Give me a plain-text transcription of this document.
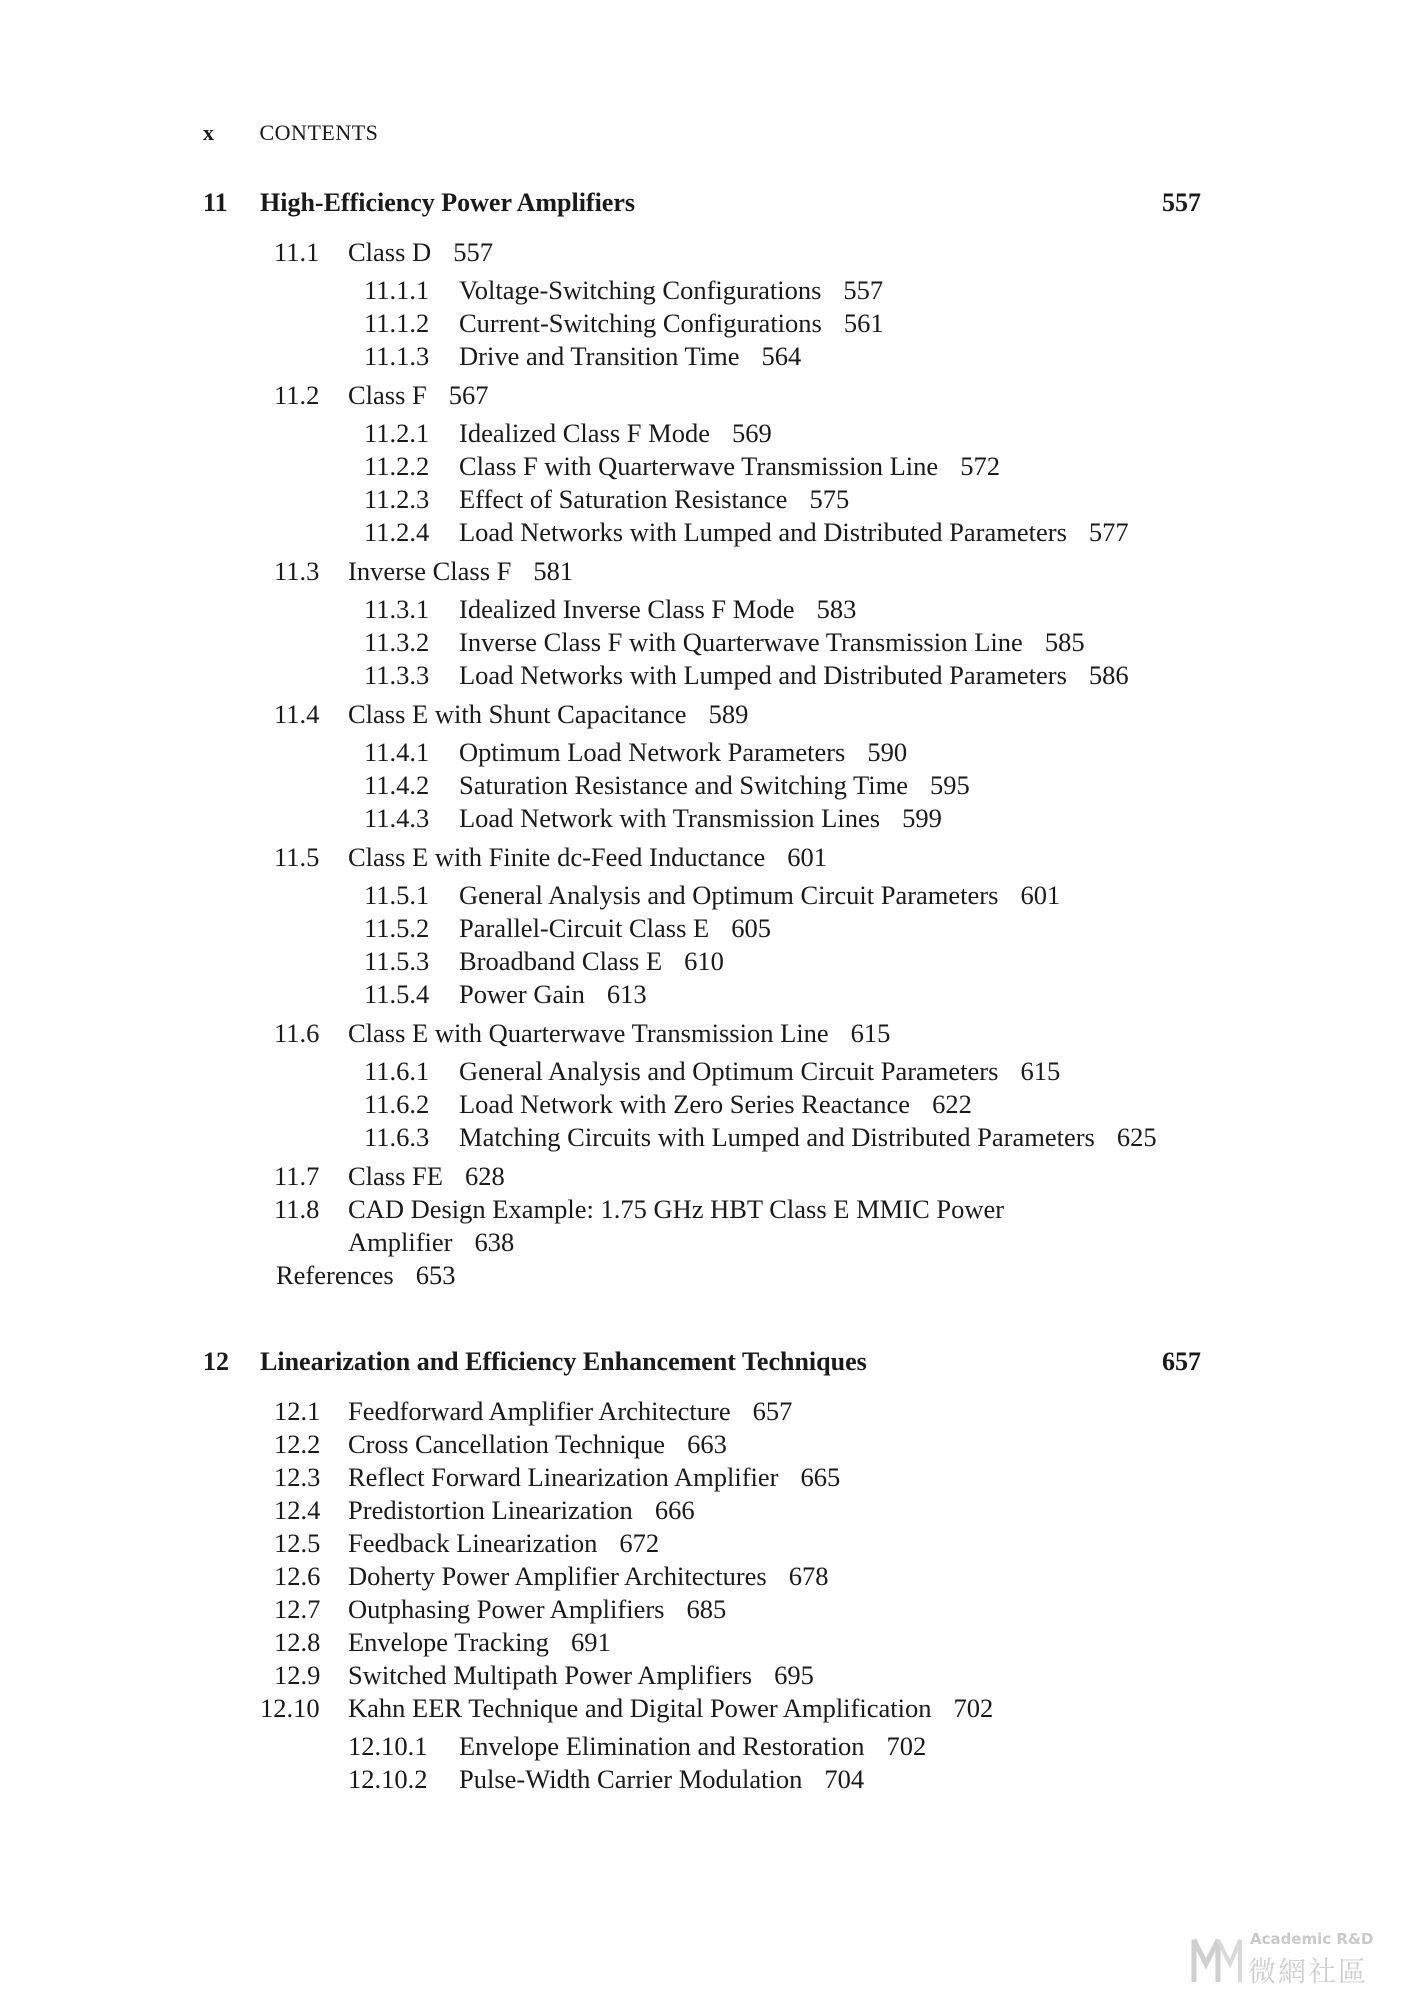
x CONTENTS
11 High-Efficiency Power Amplifiers	557
11.1 Class D 557
11.1.1 Voltage-Switching Configurations 557
11.1.2 Current-Switching Configurations 561
11.1.3 Drive and Transition Time 564
11.2 Class F 567
11.2.1 Idealized Class F Mode 569
11.2.2 Class F with Quarterwave Transmission Line 572
11.2.3 Effect of Saturation Resistance 575
11.2.4 Load Networks with Lumped and Distributed Parameters 577
11.3 Inverse Class F 581
11.3.1 Idealized Inverse Class F Mode 583
11.3.2 Inverse Class F with Quarterwave Transmission Line 585
11.3.3 Load Networks with Lumped and Distributed Parameters 586
11.4 Class E with Shunt Capacitance 589
11.4.1 Optimum Load Network Parameters 590
11.4.2 Saturation Resistance and Switching Time 595
11.4.3 Load Network with Transmission Lines 599
11.5 Class E with Finite dc-Feed Inductance 601
11.5.1 General Analysis and Optimum Circuit Parameters 601
11.5.2 Parallel-Circuit Class E 605
11.5.3 Broadband Class E 610
11.5.4 Power Gain 613
11.6 Class E with Quarterwave Transmission Line 615
11.6.1 General Analysis and Optimum Circuit Parameters 615
11.6.2 Load Network with Zero Series Reactance 622
11.6.3 Matching Circuits with Lumped and Distributed Parameters 625
11.7 Class FE 628
11.8 CAD Design Example: 1.75 GHz HBT Class E MMIC Power
Amplifier 638
References 653
12 Linearization and Efficiency Enhancement Techniques	657
12.1 Feedforward Amplifier Architecture 657
12.2 Cross Cancellation Technique 663
12.3 Reflect Forward Linearization Amplifier 665
12.4 Predistortion Linearization 666
12.5 Feedback Linearization 672
12.6 Doherty Power Amplifier Architectures 678
12.7 Outphasing Power Amplifiers 685
12.8 Envelope Tracking 691
12.9 Switched Multipath Power Amplifiers 695
12.10 Kahn EER Technique and Digital Power Amplification 702
12.10.1 Envelope Elimination and Restoration 702
12.10.2 Pulse-Width Carrier Modulation 704
Academic R&D
微網社區
